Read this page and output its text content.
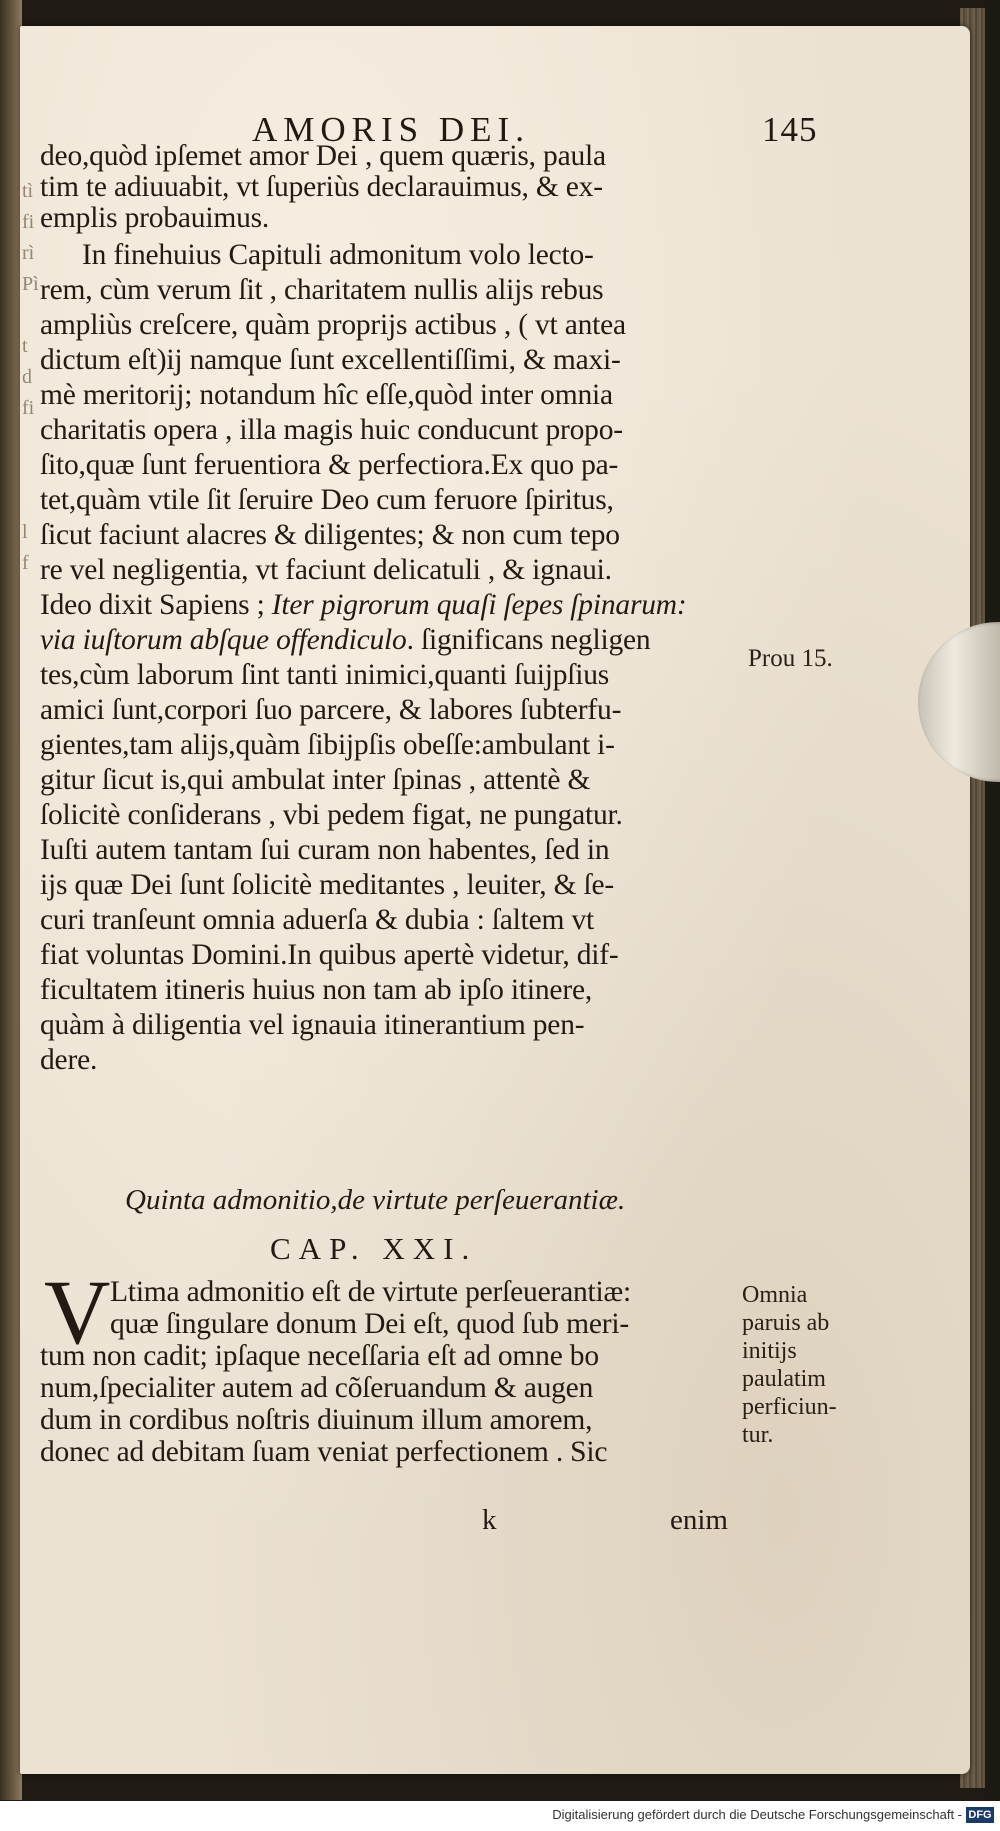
tì
fi
rì
Pì

t
d
fi

l
f
AMORIS DEI.	145
deo,quòd ipſemet amor Dei , quem quæris, paula
tim te adiuuabit, vt ſuperiùs declarauimus, & ex-
emplis probauimus.
In finehuius Capituli admonitum volo lecto-
rem, cùm verum ſit , charitatem nullis alijs rebus
ampliùs creſcere, quàm proprijs actibus , ( vt antea
dictum eſt)ij namque ſunt excellentiſſimi, & maxi-
mè meritorij; notandum hîc eſſe,quòd inter omnia
charitatis opera , illa magis huic conducunt propo-
ſito,quæ ſunt feruentiora & perfectiora.Ex quo pa-
tet,quàm vtile ſit ſeruire Deo cum feruore ſpiritus,
ſicut faciunt alacres & diligentes; & non cum tepo
re vel negligentia, vt faciunt delicatuli , & ignaui.
Ideo dixit Sapiens ; Iter pigrorum quaſi ſepes ſpinarum:
via iuſtorum abſque offendiculo. ſignificans negligen
tes,cùm laborum ſint tanti inimici,quanti ſuijpſius
amici ſunt,corpori ſuo parcere, & labores ſubterfu-
gientes,tam alijs,quàm ſibijpſis obeſſe:ambulant i-
gitur ſicut is,qui ambulat inter ſpinas , attentè &
ſolicitè conſiderans , vbi pedem figat, ne pungatur.
Iuſti autem tantam ſui curam non habentes, ſed in
ijs quæ Dei ſunt ſolicitè meditantes , leuiter, & ſe-
curi tranſeunt omnia aduerſa & dubia : ſaltem vt
fiat voluntas Domini.In quibus apertè videtur, dif-
ficultatem itineris huius non tam ab ipſo itinere,
quàm à diligentia vel ignauia itinerantium pen-
dere.
Quinta admonitio,de virtute perſeuerantiæ.
CAP. XXI.
V Ltima admonitio eſt de virtute perſeuerantiæ:
quæ ſingulare donum Dei eſt, quod ſub meri-
tum non cadit; ipſaque neceſſaria eſt ad omne bo
num,ſpecialiter autem ad cõſeruandum & augen
dum in cordibus noſtris diuinum illum amorem,
donec ad debitam ſuam veniat perfectionem . Sic
Prou 15.
Omnia
paruis ab
initijs
paulatim
perficiun-
tur.
k	enim
Digitalisierung gefördert durch die Deutsche Forschungsgemeinschaft - DFG
